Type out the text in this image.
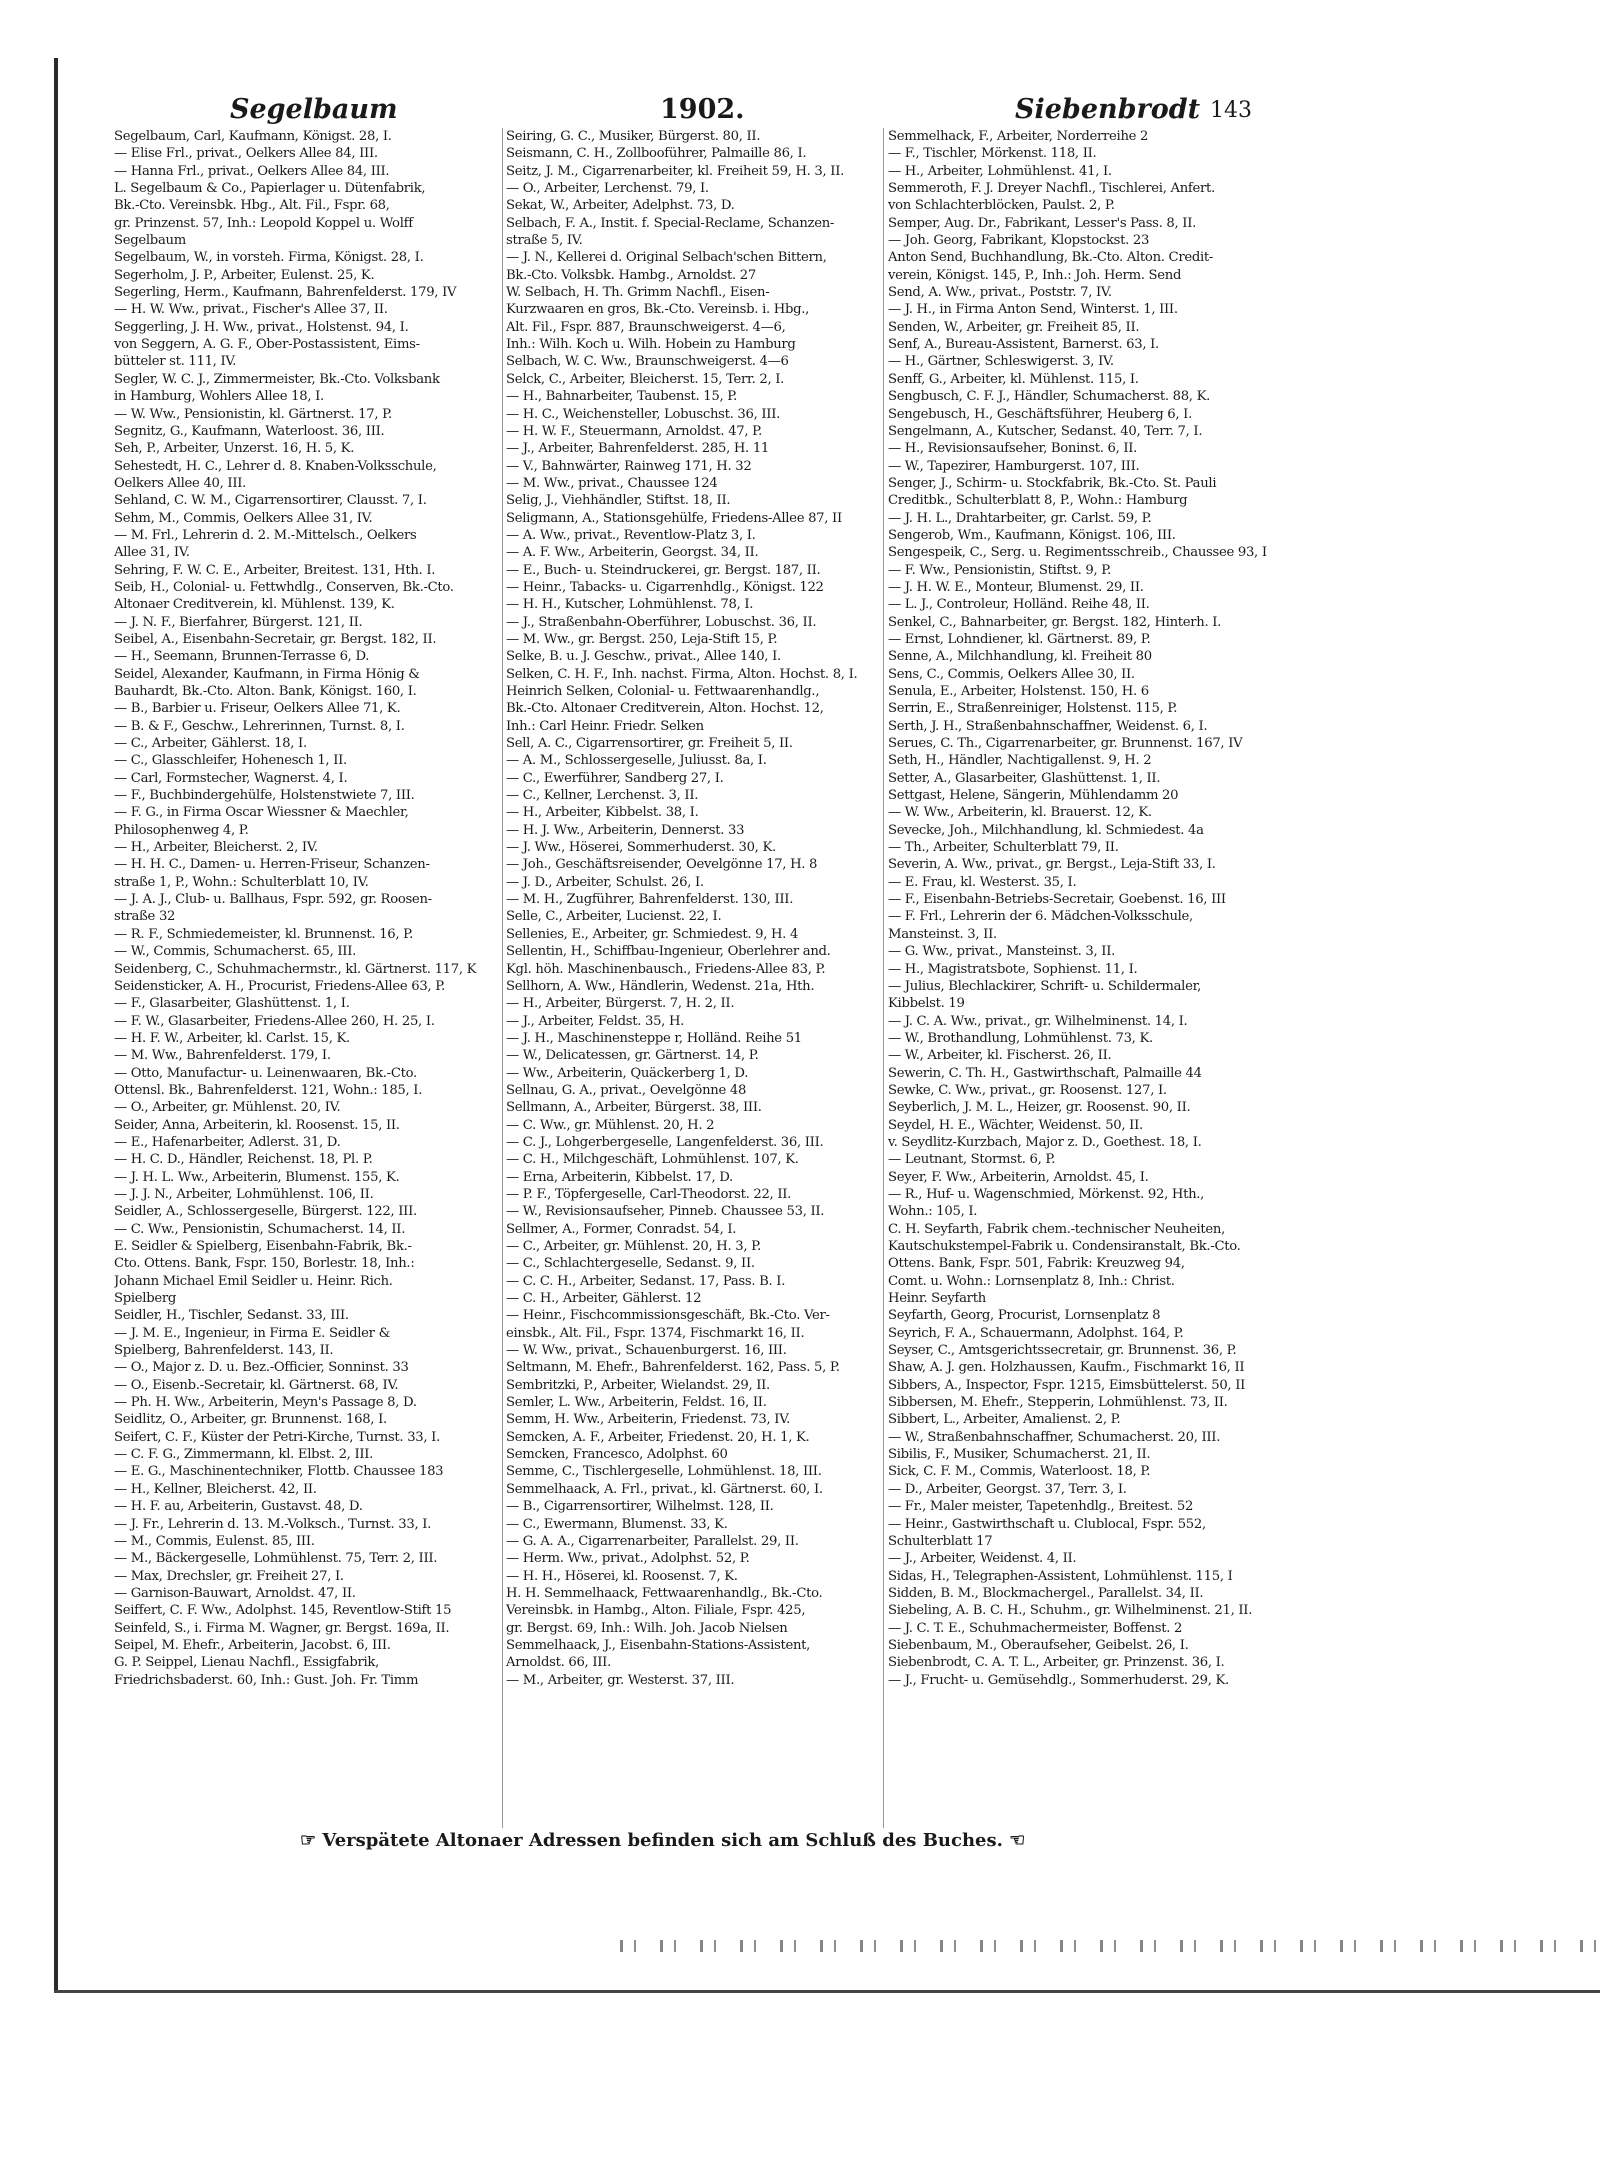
Segelbaum	1902.	Siebenbrodt 143
Segelbaum, Carl, Kaufmann, Königst. 28, I.
— Elise Frl., privat., Oelkers Allee 84, III.
— Hanna Frl., privat., Oelkers Allee 84, III.
L. Segelbaum & Co., Papierlager u. Dütenfabrik,
Bk.-Cto. Vereinsbk. Hbg., Alt. Fil., Fspr. 68,
gr. Prinzenst. 57, Inh.: Leopold Koppel u. Wolff
Segelbaum
Segelbaum, W., in vorsteh. Firma, Königst. 28, I.
Segerholm, J. P., Arbeiter, Eulenst. 25, K.
Segerling, Herm., Kaufmann, Bahrenfelderst. 179, IV
— H. W. Ww., privat., Fischer's Allee 37, II.
Seggerling, J. H. Ww., privat., Holstenst. 94, I.
von Seggern, A. G. F., Ober-Postassistent, Eims-
bütteler st. 111, IV.
Segler, W. C. J., Zimmermeister, Bk.-Cto. Volksbank
in Hamburg, Wohlers Allee 18, I.
— W. Ww., Pensionistin, kl. Gärtnerst. 17, P.
Segnitz, G., Kaufmann, Waterloost. 36, III.
Seh, P., Arbeiter, Unzerst. 16, H. 5, K.
Sehestedt, H. C., Lehrer d. 8. Knaben-Volksschule,
Oelkers Allee 40, III.
Sehland, C. W. M., Cigarrensortirer, Clausst. 7, I.
Sehm, M., Commis, Oelkers Allee 31, IV.
— M. Frl., Lehrerin d. 2. M.-Mittelsch., Oelkers
Allee 31, IV.
Sehring, F. W. C. E., Arbeiter, Breitest. 131, Hth. I.
Seib, H., Colonial- u. Fettwhdlg., Conserven, Bk.-Cto.
Altonaer Creditverein, kl. Mühlenst. 139, K.
— J. N. F., Bierfahrer, Bürgerst. 121, II.
Seibel, A., Eisenbahn-Secretair, gr. Bergst. 182, II.
— H., Seemann, Brunnen-Terrasse 6, D.
Seidel, Alexander, Kaufmann, in Firma Hönig &
Bauhardt, Bk.-Cto. Alton. Bank, Königst. 160, I.
— B., Barbier u. Friseur, Oelkers Allee 71, K.
— B. & F., Geschw., Lehrerinnen, Turnst. 8, I.
— C., Arbeiter, Gählerst. 18, I.
— C., Glasschleifer, Hohenesch 1, II.
— Carl, Formstecher, Wagnerst. 4, I.
— F., Buchbindergehülfe, Holstenstwiete 7, III.
— F. G., in Firma Oscar Wiessner & Maechler,
Philosophenweg 4, P.
— H., Arbeiter, Bleicherst. 2, IV.
— H. H. C., Damen- u. Herren-Friseur, Schanzen-
straße 1, P., Wohn.: Schulterblatt 10, IV.
— J. A. J., Club- u. Ballhaus, Fspr. 592, gr. Roosen-
straße 32
— R. F., Schmiedemeister, kl. Brunnenst. 16, P.
— W., Commis, Schumacherst. 65, III.
Seidenberg, C., Schuhmachermstr., kl. Gärtnerst. 117, K
Seidensticker, A. H., Procurist, Friedens-Allee 63, P.
— F., Glasarbeiter, Glashüttenst. 1, I.
— F. W., Glasarbeiter, Friedens-Allee 260, H. 25, I.
— H. F. W., Arbeiter, kl. Carlst. 15, K.
— M. Ww., Bahrenfelderst. 179, I.
— Otto, Manufactur- u. Leinenwaaren, Bk.-Cto.
Ottensl. Bk., Bahrenfelderst. 121, Wohn.: 185, I.
— O., Arbeiter, gr. Mühlenst. 20, IV.
Seider, Anna, Arbeiterin, kl. Roosenst. 15, II.
— E., Hafenarbeiter, Adlerst. 31, D.
— H. C. D., Händler, Reichenst. 18, Pl. P.
— J. H. L. Ww., Arbeiterin, Blumenst. 155, K.
— J. J. N., Arbeiter, Lohmühlenst. 106, II.
Seidler, A., Schlossergeselle, Bürgerst. 122, III.
— C. Ww., Pensionistin, Schumacherst. 14, II.
E. Seidler & Spielberg, Eisenbahn-Fabrik, Bk.-
Cto. Ottens. Bank, Fspr. 150, Borlestr. 18, Inh.:
Johann Michael Emil Seidler u. Heinr. Rich.
Spielberg
Seidler, H., Tischler, Sedanst. 33, III.
— J. M. E., Ingenieur, in Firma E. Seidler &
Spielberg, Bahrenfelderst. 143, II.
— O., Major z. D. u. Bez.-Officier, Sonninst. 33
— O., Eisenb.-Secretair, kl. Gärtnerst. 68, IV.
— Ph. H. Ww., Arbeiterin, Meyn's Passage 8, D.
Seidlitz, O., Arbeiter, gr. Brunnenst. 168, I.
Seifert, C. F., Küster der Petri-Kirche, Turnst. 33, I.
— C. F. G., Zimmermann, kl. Elbst. 2, III.
— E. G., Maschinentechniker, Flottb. Chaussee 183
— H., Kellner, Bleicherst. 42, II.
— H. F. au, Arbeiterin, Gustavst. 48, D.
— J. Fr., Lehrerin d. 13. M.-Volksch., Turnst. 33, I.
— M., Commis, Eulenst. 85, III.
— M., Bäckergeselle, Lohmühlenst. 75, Terr. 2, III.
— Max, Drechsler, gr. Freiheit 27, I.
— Garnison-Bauwart, Arnoldst. 47, II.
Seiffert, C. F. Ww., Adolphst. 145, Reventlow-Stift 15
Seinfeld, S., i. Firma M. Wagner, gr. Bergst. 169a, II.
Seipel, M. Ehefr., Arbeiterin, Jacobst. 6, III.
G. P. Seippel, Lienau Nachfl., Essigfabrik,
Friedrichsbaderst. 60, Inh.: Gust. Joh. Fr. Timm
Seiring, G. C., Musiker, Bürgerst. 80, II.
Seismann, C. H., Zollbooführer, Palmaille 86, I.
Seitz, J. M., Cigarrenarbeiter, kl. Freiheit 59, H. 3, II.
— O., Arbeiter, Lerchenst. 79, I.
Sekat, W., Arbeiter, Adelphst. 73, D.
Selbach, F. A., Instit. f. Special-Reclame, Schanzen-
straße 5, IV.
— J. N., Kellerei d. Original Selbach'schen Bittern,
Bk.-Cto. Volksbk. Hambg., Arnoldst. 27
W. Selbach, H. Th. Grimm Nachfl., Eisen-
Kurzwaaren en gros, Bk.-Cto. Vereinsb. i. Hbg.,
Alt. Fil., Fspr. 887, Braunschweigerst. 4—6,
Inh.: Wilh. Koch u. Wilh. Hobein zu Hamburg
Selbach, W. C. Ww., Braunschweigerst. 4—6
Selck, C., Arbeiter, Bleicherst. 15, Terr. 2, I.
— H., Bahnarbeiter, Taubenst. 15, P.
— H. C., Weichensteller, Lobuschst. 36, III.
— H. W. F., Steuermann, Arnoldst. 47, P.
— J., Arbeiter, Bahrenfelderst. 285, H. 11
— V., Bahnwärter, Rainweg 171, H. 32
— M. Ww., privat., Chaussee 124
Selig, J., Viehhändler, Stiftst. 18, II.
Seligmann, A., Stationsgehülfe, Friedens-Allee 87, II
— A. Ww., privat., Reventlow-Platz 3, I.
— A. F. Ww., Arbeiterin, Georgst. 34, II.
— E., Buch- u. Steindruckerei, gr. Bergst. 187, II.
— Heinr., Tabacks- u. Cigarrenhdlg., Königst. 122
— H. H., Kutscher, Lohmühlenst. 78, I.
— J., Straßenbahn-Oberführer, Lobuschst. 36, II.
— M. Ww., gr. Bergst. 250, Leja-Stift 15, P.
Selke, B. u. J. Geschw., privat., Allee 140, I.
Selken, C. H. F., Inh. nachst. Firma, Alton. Hochst. 8, I.
Heinrich Selken, Colonial- u. Fettwaarenhandlg.,
Bk.-Cto. Altonaer Creditverein, Alton. Hochst. 12,
Inh.: Carl Heinr. Friedr. Selken
Sell, A. C., Cigarrensortirer, gr. Freiheit 5, II.
— A. M., Schlossergeselle, Juliusst. 8a, I.
— C., Ewerführer, Sandberg 27, I.
— C., Kellner, Lerchenst. 3, II.
— H., Arbeiter, Kibbelst. 38, I.
— H. J. Ww., Arbeiterin, Dennerst. 33
— J. Ww., Höserei, Sommerhuderst. 30, K.
— Joh., Geschäftsreisender, Oevelgönne 17, H. 8
— J. D., Arbeiter, Schulst. 26, I.
— M. H., Zugführer, Bahrenfelderst. 130, III.
Selle, C., Arbeiter, Lucienst. 22, I.
Sellenies, E., Arbeiter, gr. Schmiedest. 9, H. 4
Sellentin, H., Schiffbau-Ingenieur, Oberlehrer and.
Kgl. höh. Maschinenbausch., Friedens-Allee 83, P.
Sellhorn, A. Ww., Händlerin, Wedenst. 21a, Hth.
— H., Arbeiter, Bürgerst. 7, H. 2, II.
— J., Arbeiter, Feldst. 35, H.
— J. H., Maschinensteppe r, Holländ. Reihe 51
— W., Delicatessen, gr. Gärtnerst. 14, P.
— Ww., Arbeiterin, Quäckerberg 1, D.
Sellnau, G. A., privat., Oevelgönne 48
Sellmann, A., Arbeiter, Bürgerst. 38, III.
— C. Ww., gr. Mühlenst. 20, H. 2
— C. J., Lohgerbergeselle, Langenfelderst. 36, III.
— C. H., Milchgeschäft, Lohmühlenst. 107, K.
— Erna, Arbeiterin, Kibbelst. 17, D.
— P. F., Töpfergeselle, Carl-Theodorst. 22, II.
— W., Revisionsaufseher, Pinneb. Chaussee 53, II.
Sellmer, A., Former, Conradst. 54, I.
— C., Arbeiter, gr. Mühlenst. 20, H. 3, P.
— C., Schlachtergeselle, Sedanst. 9, II.
— C. C. H., Arbeiter, Sedanst. 17, Pass. B. I.
— C. H., Arbeiter, Gählerst. 12
— Heinr., Fischcommissionsgeschäft, Bk.-Cto. Ver-
einsbk., Alt. Fil., Fspr. 1374, Fischmarkt 16, II.
— W. Ww., privat., Schauenburgerst. 16, III.
Seltmann, M. Ehefr., Bahrenfelderst. 162, Pass. 5, P.
Sembritzki, P., Arbeiter, Wielandst. 29, II.
Semler, L. Ww., Arbeiterin, Feldst. 16, II.
Semm, H. Ww., Arbeiterin, Friedenst. 73, IV.
Semcken, A. F., Arbeiter, Friedenst. 20, H. 1, K.
Semcken, Francesco, Adolphst. 60
Semme, C., Tischlergeselle, Lohmühlenst. 18, III.
Semmelhaack, A. Frl., privat., kl. Gärtnerst. 60, I.
— B., Cigarrensortirer, Wilhelmst. 128, II.
— C., Ewermann, Blumenst. 33, K.
— G. A. A., Cigarrenarbeiter, Parallelst. 29, II.
— Herm. Ww., privat., Adolphst. 52, P.
— H. H., Höserei, kl. Roosenst. 7, K.
H. H. Semmelhaack, Fettwaarenhandlg., Bk.-Cto.
Vereinsbk. in Hambg., Alton. Filiale, Fspr. 425,
gr. Bergst. 69, Inh.: Wilh. Joh. Jacob Nielsen
Semmelhaack, J., Eisenbahn-Stations-Assistent,
Arnoldst. 66, III.
— M., Arbeiter, gr. Westerst. 37, III.
Semmelhack, F., Arbeiter, Norderreihe 2
— F., Tischler, Mörkenst. 118, II.
— H., Arbeiter, Lohmühlenst. 41, I.
Semmeroth, F. J. Dreyer Nachfl., Tischlerei, Anfert.
von Schlachterblöcken, Paulst. 2, P.
Semper, Aug. Dr., Fabrikant, Lesser's Pass. 8, II.
— Joh. Georg, Fabrikant, Klopstockst. 23
Anton Send, Buchhandlung, Bk.-Cto. Alton. Credit-
verein, Königst. 145, P., Inh.: Joh. Herm. Send
Send, A. Ww., privat., Poststr. 7, IV.
— J. H., in Firma Anton Send, Winterst. 1, III.
Senden, W., Arbeiter, gr. Freiheit 85, II.
Senf, A., Bureau-Assistent, Barnerst. 63, I.
— H., Gärtner, Schleswigerst. 3, IV.
Senff, G., Arbeiter, kl. Mühlenst. 115, I.
Sengbusch, C. F. J., Händler, Schumacherst. 88, K.
Sengebusch, H., Geschäftsführer, Heuberg 6, I.
Sengelmann, A., Kutscher, Sedanst. 40, Terr. 7, I.
— H., Revisionsaufseher, Boninst. 6, II.
— W., Tapezirer, Hamburgerst. 107, III.
Senger, J., Schirm- u. Stockfabrik, Bk.-Cto. St. Pauli
Creditbk., Schulterblatt 8, P., Wohn.: Hamburg
— J. H. L., Drahtarbeiter, gr. Carlst. 59, P.
Sengerob, Wm., Kaufmann, Königst. 106, III.
Sengespeik, C., Serg. u. Regimentsschreib., Chaussee 93, I
— F. Ww., Pensionistin, Stiftst. 9, P.
— J. H. W. E., Monteur, Blumenst. 29, II.
— L. J., Controleur, Holländ. Reihe 48, II.
Senkel, C., Bahnarbeiter, gr. Bergst. 182, Hinterh. I.
— Ernst, Lohndiener, kl. Gärtnerst. 89, P.
Senne, A., Milchhandlung, kl. Freiheit 80
Sens, C., Commis, Oelkers Allee 30, II.
Senula, E., Arbeiter, Holstenst. 150, H. 6
Serrin, E., Straßenreiniger, Holstenst. 115, P.
Serth, J. H., Straßenbahnschaffner, Weidenst. 6, I.
Serues, C. Th., Cigarrenarbeiter, gr. Brunnenst. 167, IV
Seth, H., Händler, Nachtigallenst. 9, H. 2
Setter, A., Glasarbeiter, Glashüttenst. 1, II.
Settgast, Helene, Sängerin, Mühlendamm 20
— W. Ww., Arbeiterin, kl. Brauerst. 12, K.
Sevecke, Joh., Milchhandlung, kl. Schmiedest. 4a
— Th., Arbeiter, Schulterblatt 79, II.
Severin, A. Ww., privat., gr. Bergst., Leja-Stift 33, I.
— E. Frau, kl. Westerst. 35, I.
— F., Eisenbahn-Betriebs-Secretair, Goebenst. 16, III
— F. Frl., Lehrerin der 6. Mädchen-Volksschule,
Mansteinst. 3, II.
— G. Ww., privat., Mansteinst. 3, II.
— H., Magistratsbote, Sophienst. 11, I.
— Julius, Blechlackirer, Schrift- u. Schildermaler,
Kibbelst. 19
— J. C. A. Ww., privat., gr. Wilhelminenst. 14, I.
— W., Brothandlung, Lohmühlenst. 73, K.
— W., Arbeiter, kl. Fischerst. 26, II.
Sewerin, C. Th. H., Gastwirthschaft, Palmaille 44
Sewke, C. Ww., privat., gr. Roosenst. 127, I.
Seyberlich, J. M. L., Heizer, gr. Roosenst. 90, II.
Seydel, H. E., Wächter, Weidenst. 50, II.
v. Seydlitz-Kurzbach, Major z. D., Goethest. 18, I.
— Leutnant, Stormst. 6, P.
Seyer, F. Ww., Arbeiterin, Arnoldst. 45, I.
— R., Huf- u. Wagenschmied, Mörkenst. 92, Hth.,
Wohn.: 105, I.
C. H. Seyfarth, Fabrik chem.-technischer Neuheiten,
Kautschukstempel-Fabrik u. Condensiranstalt, Bk.-Cto.
Ottens. Bank, Fspr. 501, Fabrik: Kreuzweg 94,
Comt. u. Wohn.: Lornsenplatz 8, Inh.: Christ.
Heinr. Seyfarth
Seyfarth, Georg, Procurist, Lornsenplatz 8
Seyrich, F. A., Schauermann, Adolphst. 164, P.
Seyser, C., Amtsgerichtssecretair, gr. Brunnenst. 36, P.
Shaw, A. J. gen. Holzhaussen, Kaufm., Fischmarkt 16, II
Sibbers, A., Inspector, Fspr. 1215, Eimsbüttelerst. 50, II
Sibbersen, M. Ehefr., Stepperin, Lohmühlenst. 73, II.
Sibbert, L., Arbeiter, Amalienst. 2, P.
— W., Straßenbahnschaffner, Schumacherst. 20, III.
Sibilis, F., Musiker, Schumacherst. 21, II.
Sick, C. F. M., Commis, Waterloost. 18, P.
— D., Arbeiter, Georgst. 37, Terr. 3, I.
— Fr., Maler meister, Tapetenhdlg., Breitest. 52
— Heinr., Gastwirthschaft u. Clublocal, Fspr. 552,
Schulterblatt 17
— J., Arbeiter, Weidenst. 4, II.
Sidas, H., Telegraphen-Assistent, Lohmühlenst. 115, I
Sidden, B. M., Blockmachergel., Parallelst. 34, II.
Siebeling, A. B. C. H., Schuhm., gr. Wilhelminenst. 21, II.
— J. C. T. E., Schuhmachermeister, Boffenst. 2
Siebenbaum, M., Oberaufseher, Geibelst. 26, I.
Siebenbrodt, C. A. T. L., Arbeiter, gr. Prinzenst. 36, I.
— J., Frucht- u. Gemüsehdlg., Sommerhuderst. 29, K.
☞ Verspätete Altonaer Adressen befinden sich am Schluß des Buches. ☜
